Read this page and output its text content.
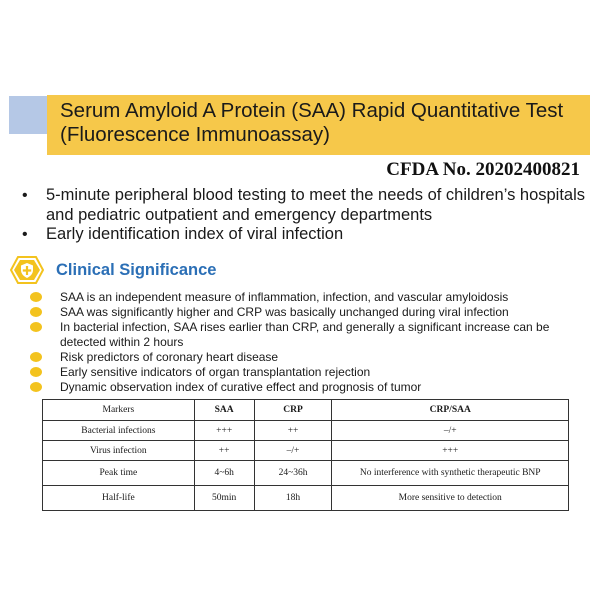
Serum Amyloid A Protein (SAA) Rapid Quantitative Test
(Fluorescence Immunoassay)
CFDA No. 20202400821
• 5-minute peripheral blood testing to meet the needs of children’s hospitals and pediatric outpatient and emergency departments
• Early identification index of viral infection
Clinical Significance
SAA is an independent measure of inflammation, infection, and vascular amyloidosis
SAA was significantly higher and CRP was basically unchanged during viral infection
In bacterial infection, SAA rises earlier than CRP, and generally a significant increase can be detected within 2 hours
Risk predictors of coronary heart disease
Early sensitive indicators of organ transplantation rejection
Dynamic observation index of curative effect and prognosis of tumor
Markers	SAA	CRP	CRP/SAA
Bacterial infections	+++	++	–/+
Virus infection	++	–/+	+++
Peak time	4~6h	24~36h	No interference with synthetic therapeutic BNP
Half-life	50min	18h	More sensitive to detection
